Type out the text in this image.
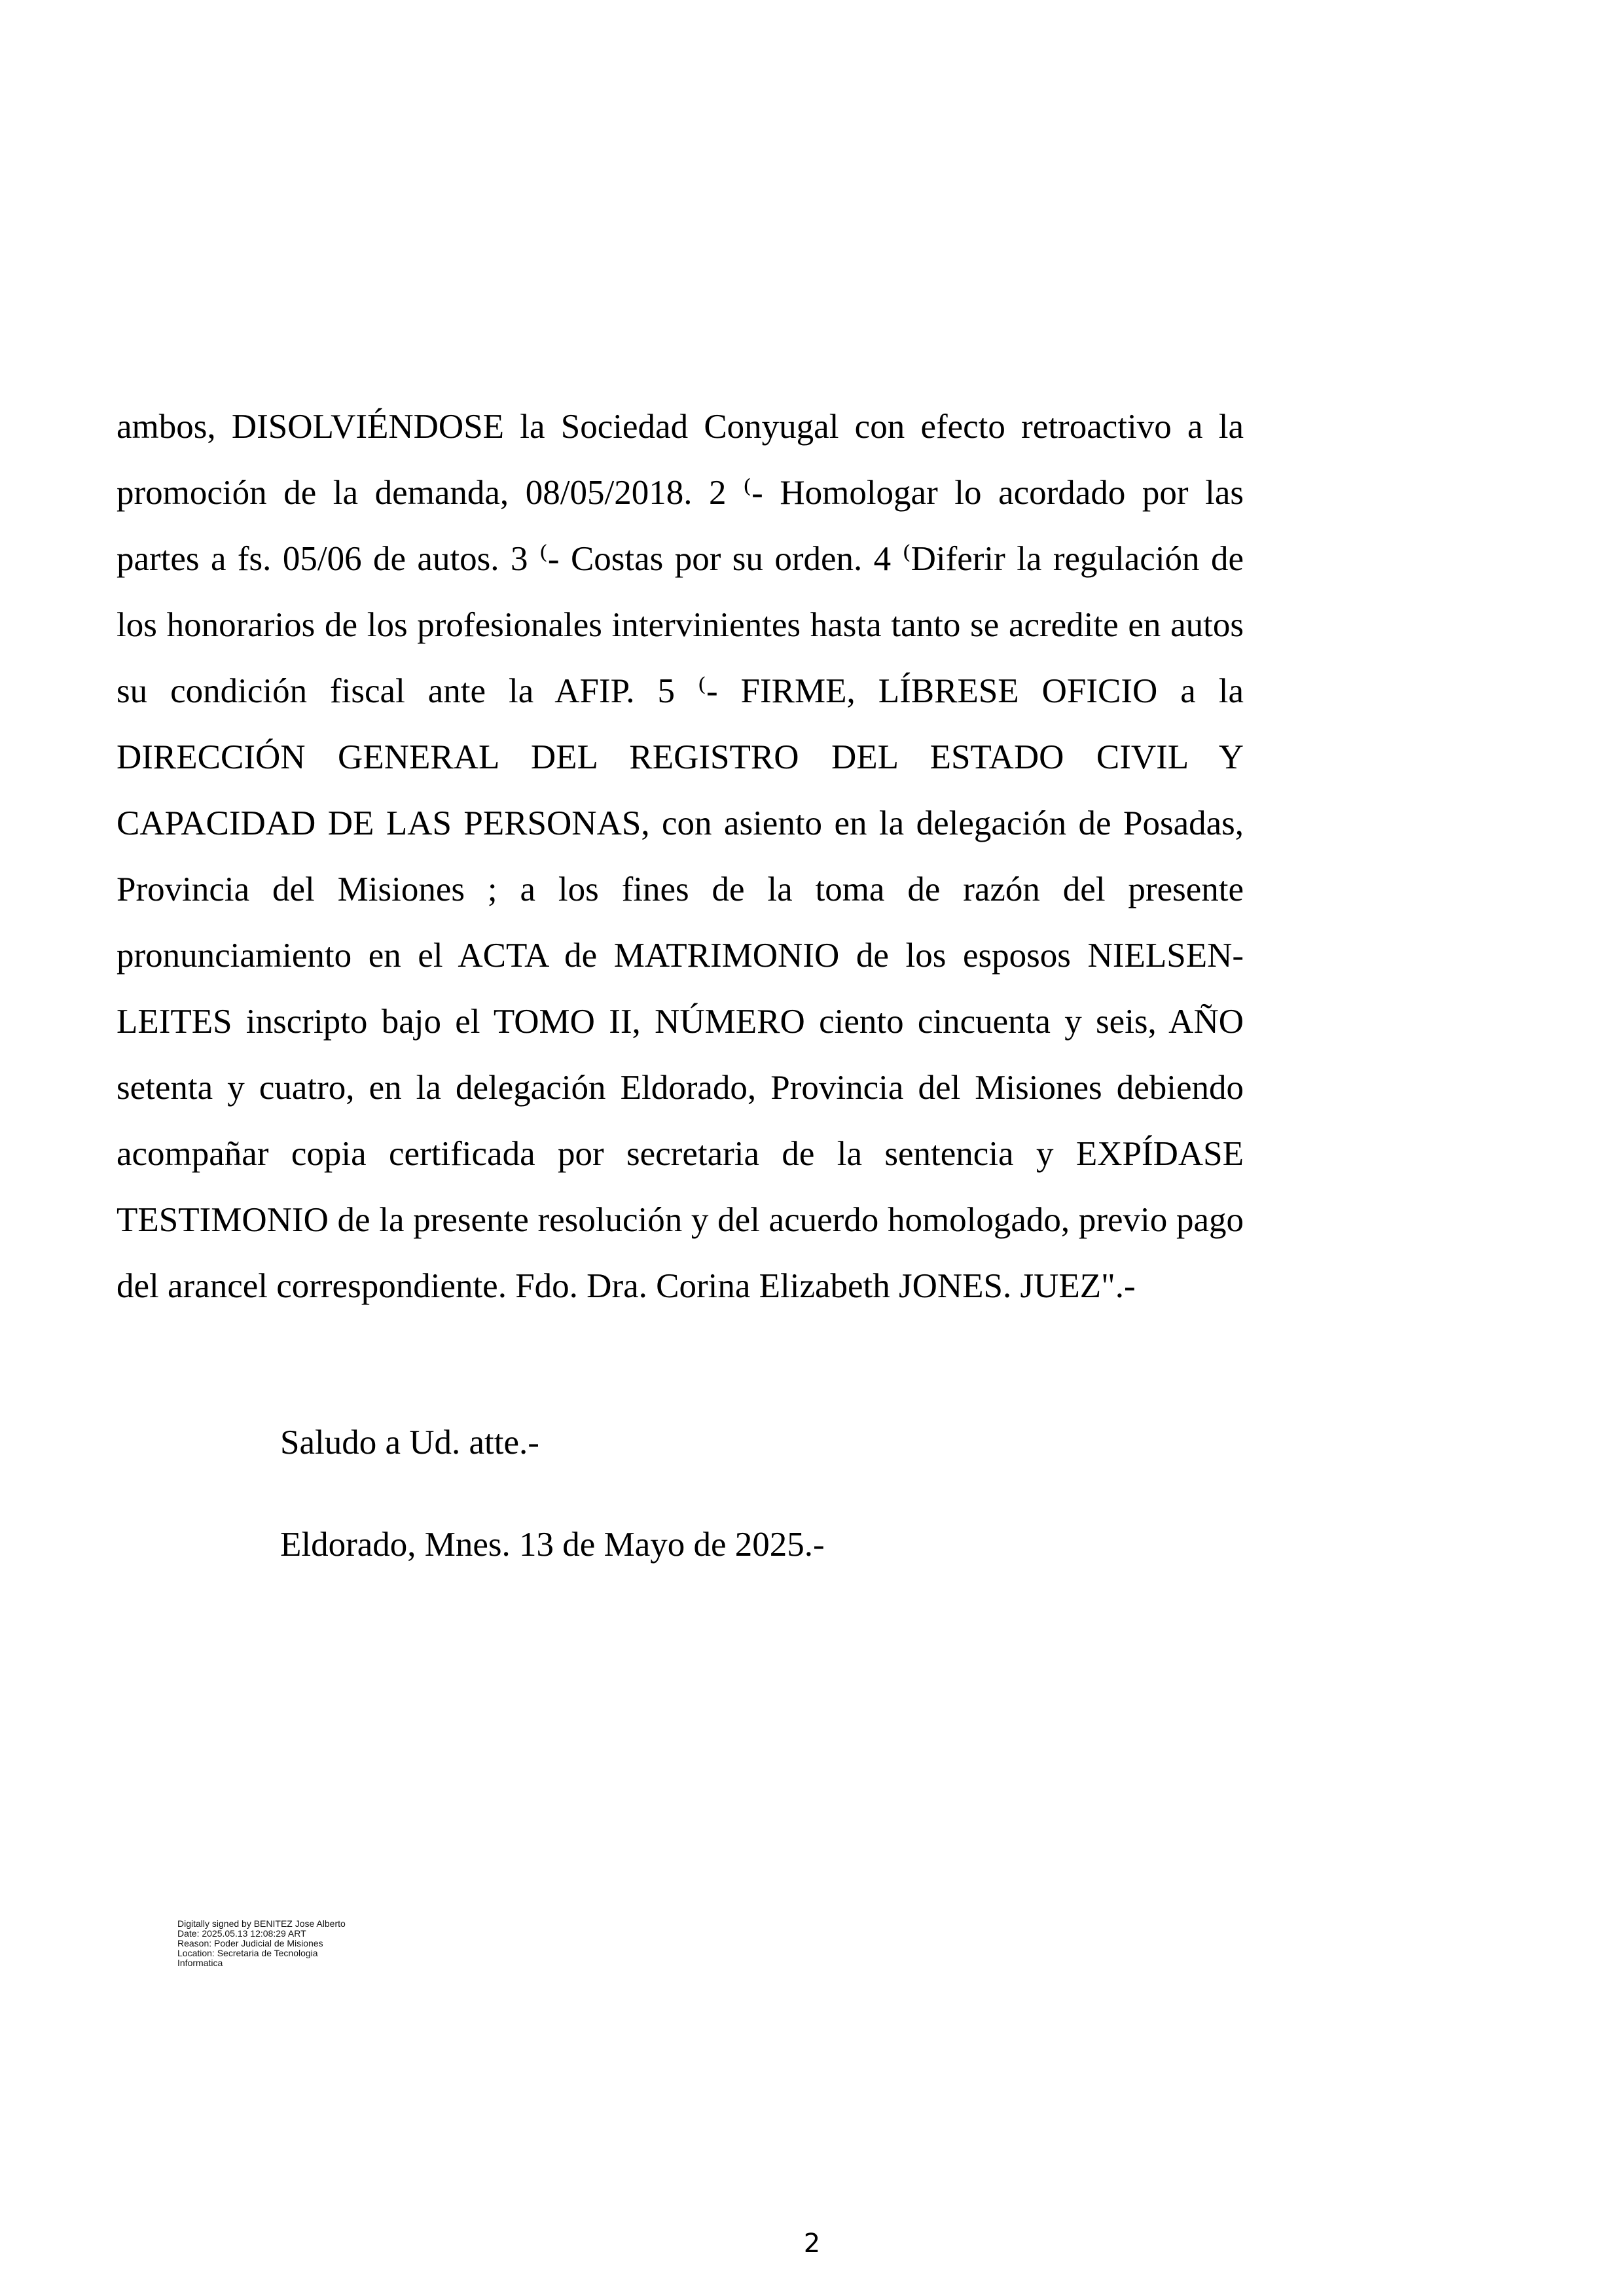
ambos, DISOLVIÉNDOSE la Sociedad Conyugal con efecto retroactivo a la promoción de la demanda, 08/05/2018. 2 ⁽- Homologar lo acordado por las partes a fs. 05/06 de autos. 3 ⁽- Costas por su orden. 4 ⁽Diferir la regulación de los honorarios de los profesionales intervinientes hasta tanto se acredite en autos su condición fiscal ante la AFIP. 5 ⁽- FIRME, LÍBRESE OFICIO a la DIRECCIÓN GENERAL DEL REGISTRO DEL ESTADO CIVIL Y CAPACIDAD DE LAS PERSONAS, con asiento en la delegación de Posadas, Provincia del Misiones ; a los fines de la toma de razón del presente pronunciamiento en el ACTA de MATRIMONIO de los esposos NIELSEN-LEITES inscripto bajo el TOMO II, NÚMERO ciento cincuenta y seis, AÑO setenta y cuatro, en la delegación Eldorado, Provincia del Misiones debiendo acompañar copia certificada por secretaria de la sentencia y EXPÍDASE TESTIMONIO de la presente resolución y del acuerdo homologado, previo pago del arancel correspondiente. Fdo. Dra. Corina Elizabeth JONES. JUEZ".-

Saludo a Ud. atte.-

Eldorado, Mnes. 13 de Mayo de 2025.-

Digitally signed by BENITEZ Jose Alberto
Date: 2025.05.13 12:08:29 ART
Reason: Poder Judicial de Misiones
Location: Secretaria de Tecnologia
Informatica
2
